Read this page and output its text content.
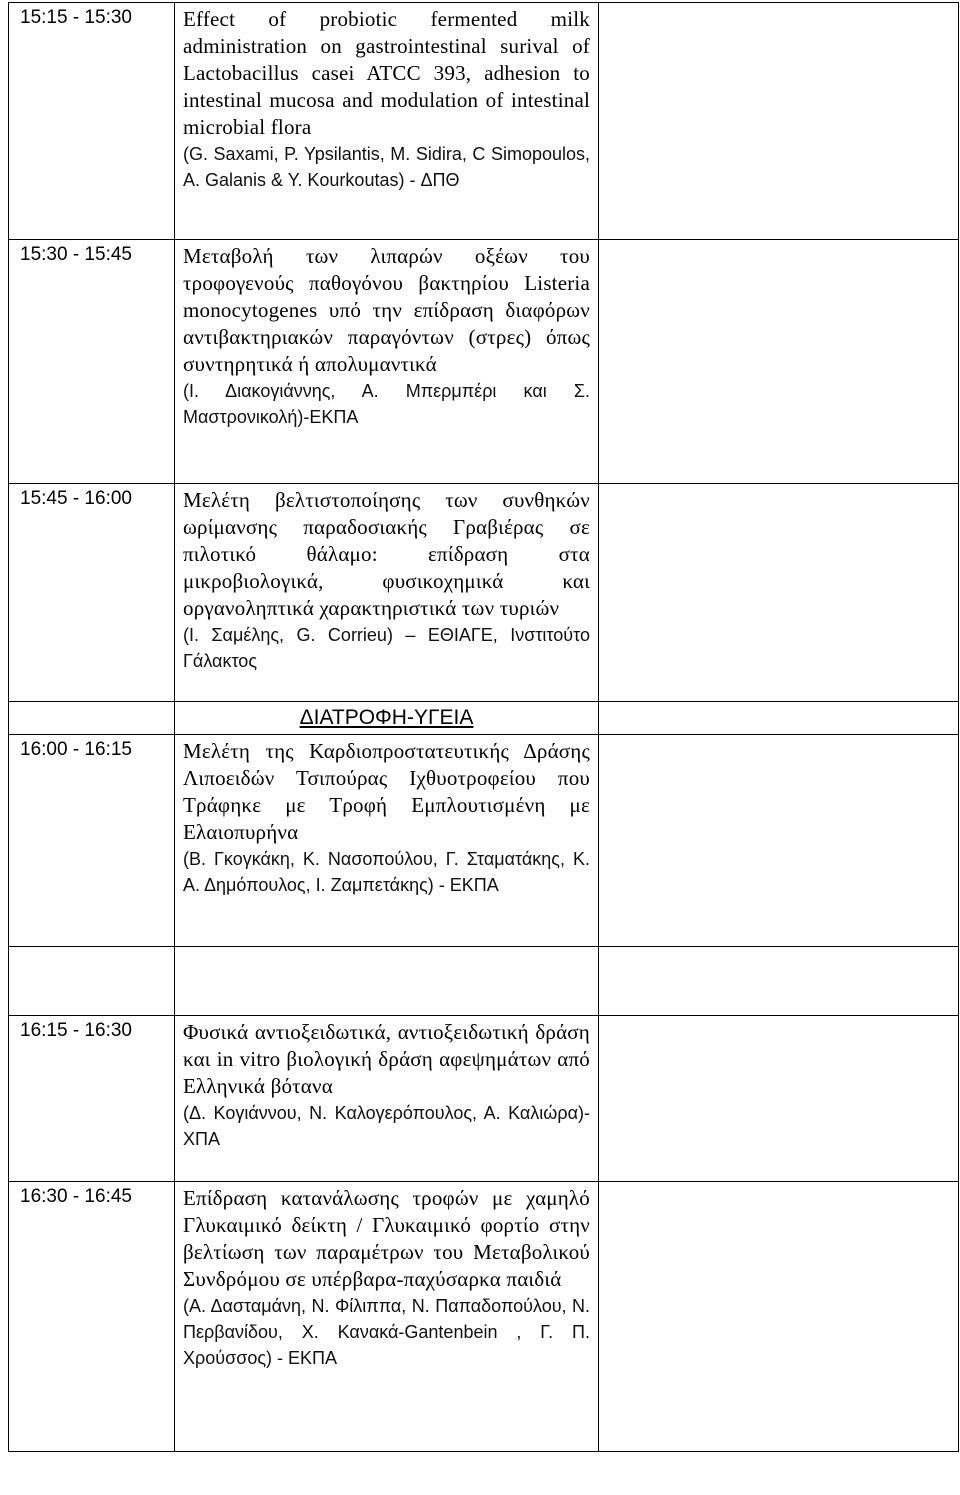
15:15 - 15:30	Effect of probiotic fermented milk administration on gastrointestinal surival of Lactobacillus casei ATCC 393, adhesion to intestinal mucosa and modulation of intestinal microbial flora
(G. Saxami, P. Ypsilantis, M. Sidira, C Simopoulos, A. Galanis & Y. Kourkoutas) - ΔΠΘ	

15:30 - 15:45	Μεταβολή των λιπαρών οξέων του τροφογενούς παθογόνου βακτηρίου Listeria monocytogenes υπό την επίδραση διαφόρων αντιβακτηριακών παραγόντων (στρες) όπως συντηρητικά ή απολυμαντικά
(Ι. Διακογιάννης, Α. Μπερμπέρι και Σ. Μαστρονικολή)-ΕΚΠΑ	

15:45 - 16:00	Μελέτη βελτιστοποίησης των συνθηκών ωρίμανσης παραδοσιακής Γραβιέρας σε πιλοτικό θάλαμο: επίδραση στα μικροβιολογικά, φυσικοχημικά και οργανοληπτικά χαρακτηριστικά των τυριών
(Ι. Σαμέλης, G. Corrieu) – ΕΘΙΑΓΕ, Ινστιτούτο Γάλακτος	

	ΔΙΑΤΡΟΦΗ-ΥΓΕΙΑ	
16:00 - 16:15	Μελέτη της Καρδιοπροστατευτικής Δράσης Λιποειδών Τσιπούρας Ιχθυοτροφείου που Τράφηκε με Τροφή Εμπλουτισμένη με Ελαιοπυρήνα
(Β. Γκογκάκη, Κ. Νασοπούλου, Γ. Σταματάκης, Κ. Α. Δημόπουλος, Ι. Ζαμπετάκης) - ΕΚΠΑ	

16:15 - 16:30	Φυσικά αντιοξειδωτικά, αντιοξειδωτική δράση και in vitro βιολογική δράση αφεψημάτων από Ελληνικά βότανα
(Δ. Κογιάννου, Ν. Καλογερόπουλος, Α. Καλιώρα)- ΧΠΑ	

16:30 - 16:45	Επίδραση κατανάλωσης τροφών με χαμηλό Γλυκαιμικό δείκτη / Γλυκαιμικό φορτίο στην βελτίωση των παραμέτρων του Μεταβολικού Συνδρόμου σε υπέρβαρα-παχύσαρκα παιδιά
(Α. Δασταμάνη, Ν. Φίλιππα, Ν. Παπαδοπούλου, Ν. Περβανίδου, Χ. Κανακά-Gantenbein , Γ. Π. Χρούσσος) - ΕΚΠΑ	
